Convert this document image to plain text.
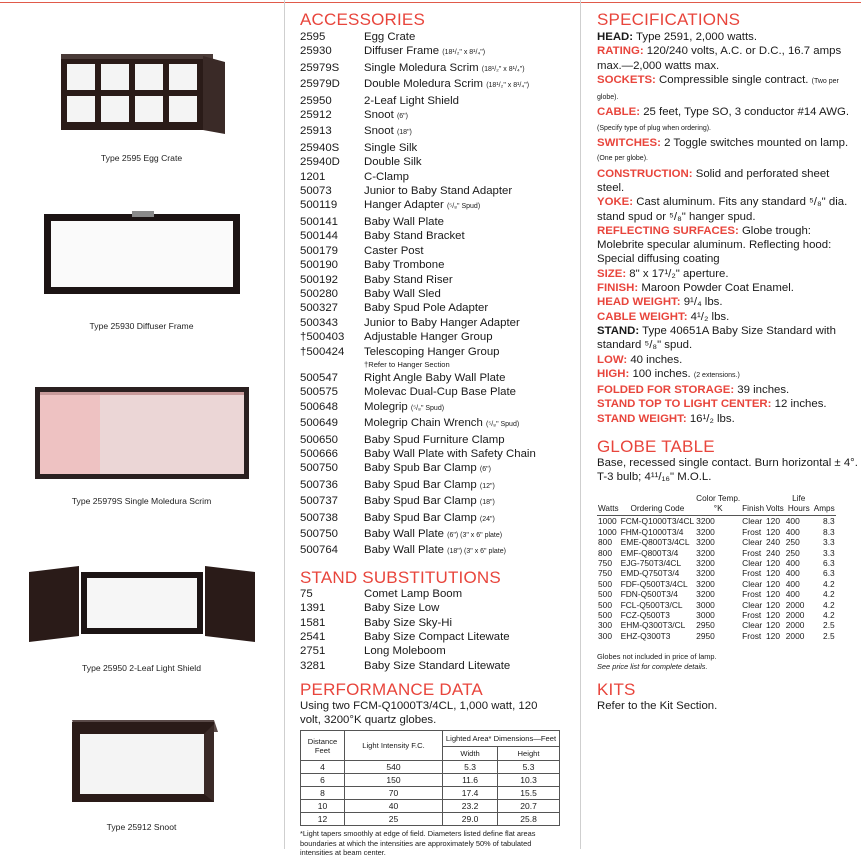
Type 2595 Egg Crate
Type 25930 Diffuser Frame
Type 25979S Single Moledura Scrim
Type 25950 2-Leaf Light Shield
Type 25912 Snoot
ACCESSORIES
2595	Egg Crate
25930	Diffuser Frame (18¹/₂" x 8¹/₄")
25979S	Single Moledura Scrim (18¹/₂" x 8¹/₄")
25979D	Double Moledura Scrim (18¹/₂" x 8¹/₄")
25950	2-Leaf Light Shield
25912	Snoot (6")
25913	Snoot (18")
25940S	Single Silk
25940D	Double Silk
1201	C-Clamp
50073	Junior to Baby Stand Adapter
500119	Hanger Adapter (⁵/₈" Spud)
500141	Baby Wall Plate
500144	Baby Stand Bracket
500179	Caster Post
500190	Baby Trombone
500192	Baby Stand Riser
500280	Baby Wall Sled
500327	Baby Spud Pole Adapter
500343	Junior to Baby Hanger Adapter
†500403	Adjustable Hanger Group
†500424	Telescoping Hanger Group
†Refer to Hanger Section
500547	Right Angle Baby Wall Plate
500575	Molevac Dual-Cup Base Plate
500648	Molegrip (⁵/₈" Spud)
500649	Molegrip Chain Wrench (⁵/₈" Spud)
500650	Baby Spud Furniture Clamp
500666	Baby Wall Plate with Safety Chain
500750	Baby Spub Bar Clamp (6")
500736	Baby Spud Bar Clamp (12")
500737	Baby Spud Bar Clamp (18")
500738	Baby Spud Bar Clamp (24")
500750	Baby Wall Plate (6") (3" x 6" plate)
500764	Baby Wall Plate (18") (3" x 6" plate)
STAND SUBSTITUTIONS
75	Comet Lamp Boom
1391	Baby Size Low
1581	Baby Size Sky-Hi
2541	Baby Size Compact Litewate
2751	Long Moleboom
3281	Baby Size Standard Litewate
PERFORMANCE DATA
Using two FCM-Q1000T3/4CL, 1,000 watt, 120 volt, 3200°K quartz globes.
Distance Feet	Light Intensity F.C.	Lighted Area* Dimensions—Feet	
		Width	Height
4	540	5.3	5.3
6	150	11.6	10.3
8	70	17.4	15.5
10	40	23.2	20.7
12	25	29.0	25.8
*Light tapers smoothly at edge of field. Diameters listed define flat areas boundaries at which the intensities are approximately 50% of tabulated intensities at beam center.
SPECIFICATIONS
HEAD: Type 2591, 2,000 watts.
RATING: 120/240 volts, A.C. or D.C., 16.7 amps max.—2,000 watts max.
SOCKETS: Compressible single contract. (Two per globe).
CABLE: 25 feet, Type SO, 3 conductor #14 AWG. (Specify type of plug when ordering).
SWITCHES: 2 Toggle switches mounted on lamp. (One per globe).
CONSTRUCTION: Solid and perforated sheet steel.
YOKE: Cast aluminum. Fits any standard ⁵/₈" dia. stand spud or ⁵/₈" hanger spud.
REFLECTING SURFACES: Globe trough: Molebrite specular aluminum. Reflecting hood: Special diffusing coating
SIZE: 8" x 17¹/₂" aperture.
FINISH: Maroon Powder Coat Enamel.
HEAD WEIGHT: 9¹/₄ lbs.
CABLE WEIGHT: 4¹/₂ lbs.
STAND: Type 40651A Baby Size Standard with standard ⁵/₈" spud.
LOW: 40 inches.
HIGH: 100 inches. (2 extensions.)
FOLDED FOR STORAGE: 39 inches.
STAND TOP TO LIGHT CENTER: 12 inches.
STAND WEIGHT: 16¹/₂ lbs.
GLOBE TABLE
Base, recessed single contact. Burn horizontal ± 4°. T-3 bulb; 4¹¹/₁₆" M.O.L.
Watts	Ordering Code	Color Temp.°K	Finish	Volts	Life Hours	Amps
1000	FCM-Q1000T3/4CL	3200	Clear	120	400	8.3
1000	FHM-Q1000T3/4	3200	Frost	120	400	8.3
800	EME-Q800T3/4CL	3200	Clear	240	250	3.3
800	EMF-Q800T3/4	3200	Frost	240	250	3.3
750	EJG-750T3/4CL	3200	Clear	120	400	6.3
750	EMD-Q750T3/4	3200	Frost	120	400	6.3
500	FDF-Q500T3/4CL	3200	Clear	120	400	4.2
500	FDN-Q500T3/4	3200	Frost	120	400	4.2
500	FCL-Q500T3/CL	3000	Clear	120	2000	4.2
500	FCZ-Q500T3	3000	Frost	120	2000	4.2
300	EHM-Q300T3/CL	2950	Clear	120	2000	2.5
300	EHZ-Q300T3	2950	Frost	120	2000	2.5
Globes not included in price of lamp.
See price list for complete details.
KITS
Refer to the Kit Section.
